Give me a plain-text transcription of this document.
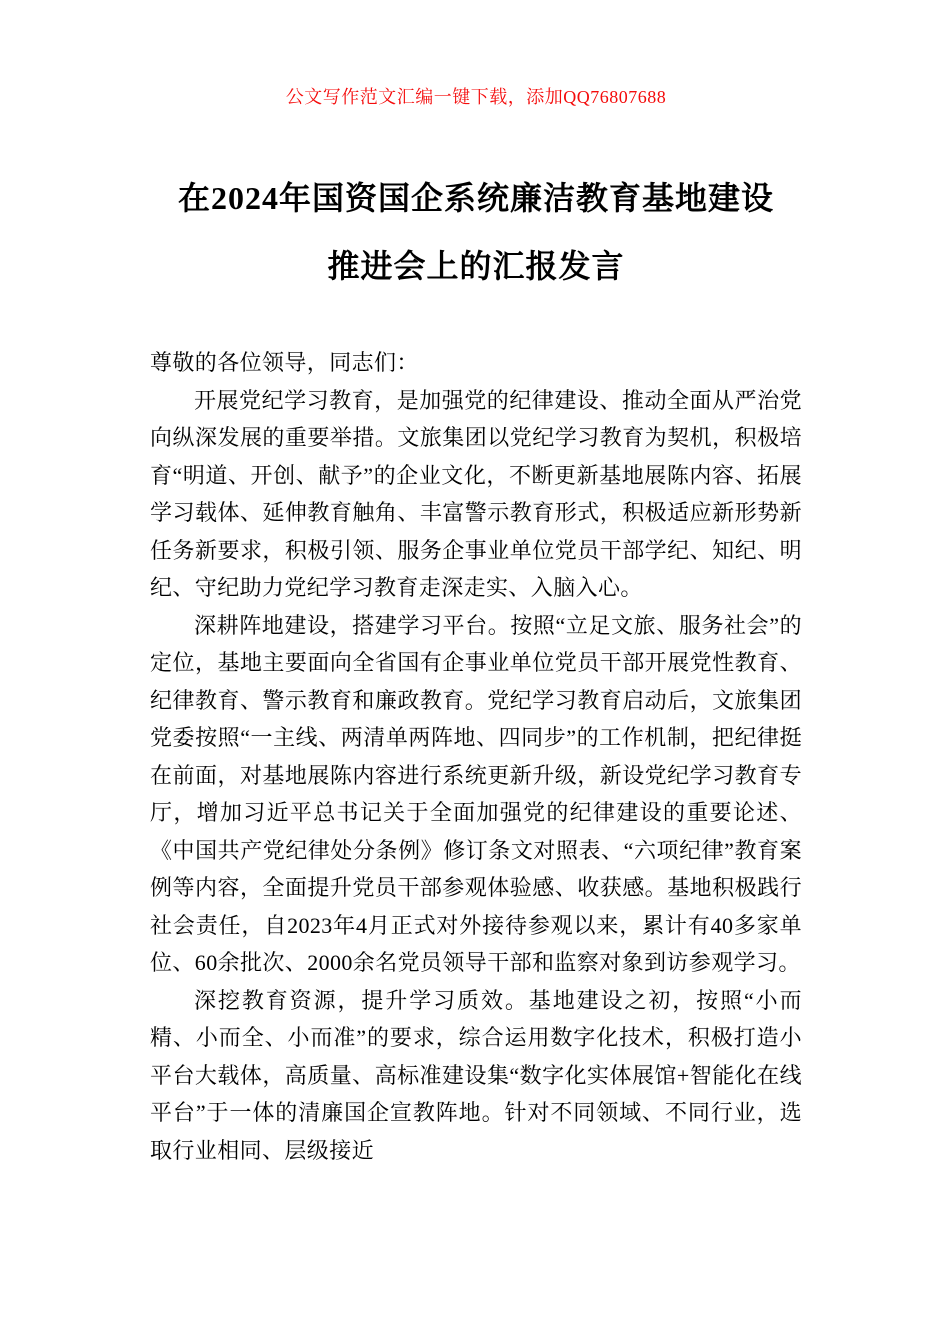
公文写作范文汇编一键下载，添加QQ76807688

在2024年国资国企系统廉洁教育基地建设
推进会上的汇报发言

尊敬的各位领导，同志们：

开展党纪学习教育，是加强党的纪律建设、推动全面从严治党向纵深发展的重要举措。文旅集团以党纪学习教育为契机，积极培育“明道、开创、献予”的企业文化，不断更新基地展陈内容、拓展学习载体、延伸教育触角、丰富警示教育形式，积极适应新形势新任务新要求，积极引领、服务企事业单位党员干部学纪、知纪、明纪、守纪助力党纪学习教育走深走实、入脑入心。

深耕阵地建设，搭建学习平台。按照“立足文旅、服务社会”的定位，基地主要面向全省国有企事业单位党员干部开展党性教育、纪律教育、警示教育和廉政教育。党纪学习教育启动后，文旅集团党委按照“一主线、两清单两阵地、四同步”的工作机制，把纪律挺在前面，对基地展陈内容进行系统更新升级，新设党纪学习教育专厅，增加习近平总书记关于全面加强党的纪律建设的重要论述、《中国共产党纪律处分条例》修订条文对照表、“六项纪律”教育案例等内容，全面提升党员干部参观体验感、收获感。基地积极践行社会责任，自2023年4月正式对外接待参观以来，累计有40多家单位、60余批次、2000余名党员领导干部和监察对象到访参观学习。

深挖教育资源，提升学习质效。基地建设之初，按照“小而精、小而全、小而准”的要求，综合运用数字化技术，积极打造小平台大载体，高质量、高标准建设集“数字化实体展馆+智能化在线平台”于一体的清廉国企宣教阵地。针对不同领域、不同行业，选取行业相同、层级接近
